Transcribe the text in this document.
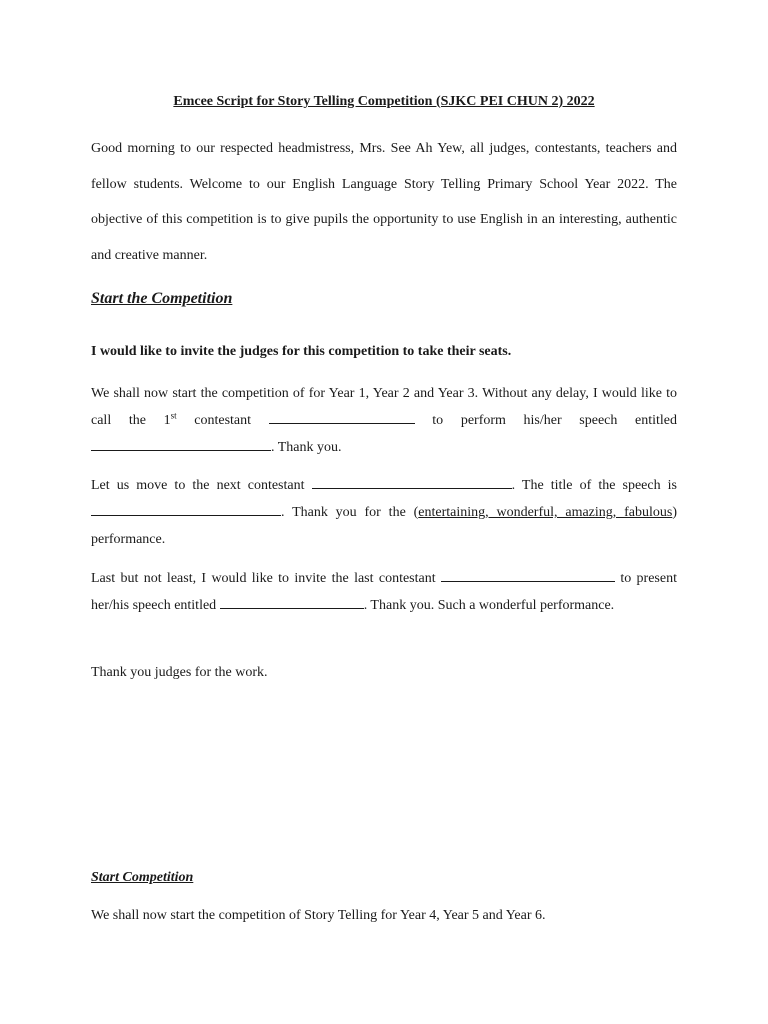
Emcee Script for Story Telling Competition (SJKC PEI CHUN 2) 2022
Good morning to our respected headmistress, Mrs. See Ah Yew, all judges, contestants, teachers and fellow students. Welcome to our English Language Story Telling Primary School Year 2022. The objective of this competition is to give pupils the opportunity to use English in an interesting, authentic and creative manner.
Start the Competition
I would like to invite the judges for this competition to take their seats.
We shall now start the competition of for Year 1, Year 2 and Year 3. Without any delay, I would like to call the 1st contestant	to perform his/her speech entitled . Thank you.
Let us move to the next contestant	. The title of the speech is . Thank you for the (entertaining, wonderful, amazing, fabulous) performance.
Last but not least, I would like to invite the last contestant	to present her/his speech entitled	. Thank you. Such a wonderful performance.
Thank you judges for the work.
Start Competition
We shall now start the competition of Story Telling for Year 4, Year 5 and Year 6.
